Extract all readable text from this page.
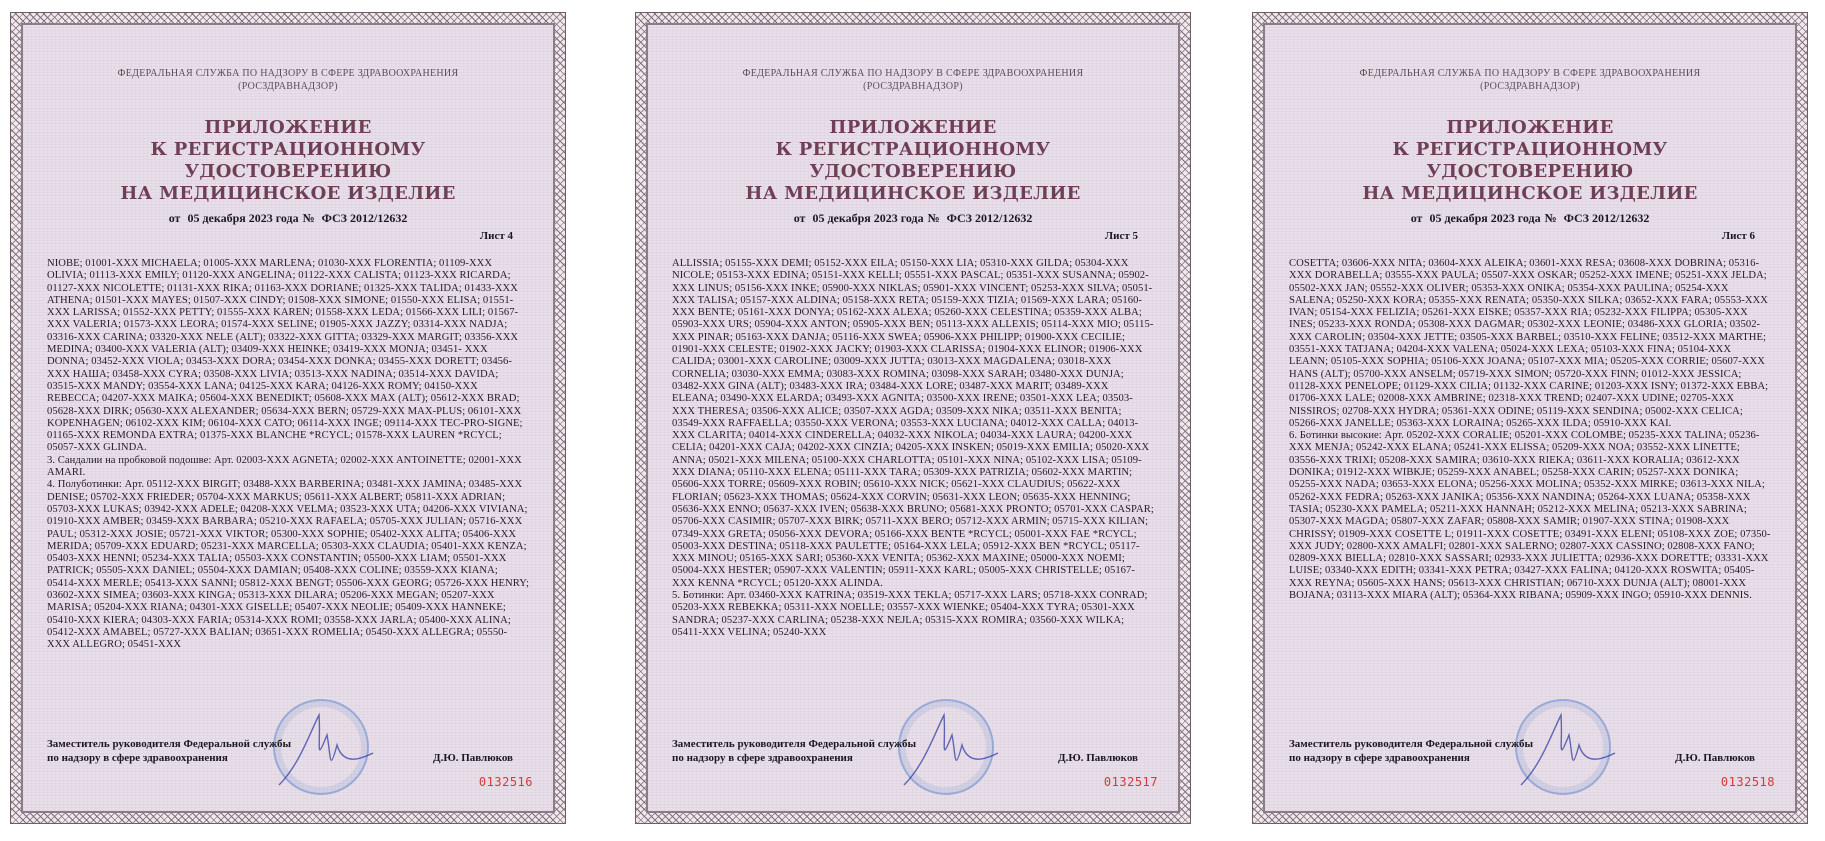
ФЕДЕРАЛЬНАЯ СЛУЖБА ПО НАДЗОРУ В СФЕРЕ ЗДРАВООХРАНЕНИЯ
(РОСЗДРАВНАДЗОР)
ПРИЛОЖЕНИЕ
К РЕГИСТРАЦИОННОМУ УДОСТОВЕРЕНИЮ
НА МЕДИЦИНСКОЕ ИЗДЕЛИЕ
от 05 декабря 2023 года № ФСЗ 2012/12632
Лист 4

NIOBE; 01001-XXX MICHAELA; 01005-XXX MARLENA; 01030-XXX FLORENTIA; 01109-XXX OLIVIA; 01113-XXX EMILY; 01120-XXX ANGELINA; 01122-XXX CALISTA; 01123-XXX RICARDA; 01127-XXX NICOLETTE; 01131-XXX RIKA; 01163-XXX DORIANE; 01325-XXX TALIDA; 01433-XXX ATHENA; 01501-XXX MAYES; 01507-XXX CINDY; 01508-XXX SIMONE; 01550-XXX ELISA; 01551-XXX LARISSA; 01552-XXX PETTY; 01555-XXX KAREN; 01558-XXX LEDA; 01566-XXX LILI; 01567-XXX VALERIA; 01573-XXX LEORA; 01574-XXX SELINE; 01905-XXX JAZZY; 03314-XXX NADJA; 03316-XXX CARINA; 03320-XXX NELE (ALT); 03322-XXX GITTA; 03329-XXX MARGIT; 03356-XXX MEDINA; 03400-XXX VALERIA (ALT); 03409-XXX HEINKE; 03419-XXX MONJA; 03451- XXX DONNA; 03452-XXX VIOLA; 03453-XXX DORA; 03454-XXX DONKA; 03455-XXX DORETT; 03456-XXX НАША; 03458-XXX CYRA; 03508-XXX LIVIA; 03513-XXX NADINA; 03514-XXX DAVIDA; 03515-XXX MANDY; 03554-XXX LANA; 04125-XXX KARA; 04126-XXX ROMY; 04150-XXX REBECCA; 04207-XXX MAIKA; 05604-XXX BENEDIKT; 05608-XXX MAX (ALT); 05612-XXX BRAD; 05628-XXX DIRK; 05630-XXX ALEXANDER; 05634-XXX BERN; 05729-XXX MAX-PLUS; 06101-XXX KOPENHAGEN; 06102-XXX KIM; 06104-XXX CATO; 06114-XXX INGE; 09114-XXX TEC-PRO-SIGNE; 01165-XXX REMONDA EXTRA; 01375-XXX BLANCHE *RCYCL; 01578-XXX LAUREN *RCYCL; 05057-XXX GLINDA.

3. Сандалии на пробковой подошве: Арт. 02003-XXX AGNETA; 02002-XXX ANTOINETTE; 02001-XXX AMARI.

4. Полуботинки: Арт. 05112-XXX BIRGIT; 03488-XXX BARBERINA; 03481-XXX JAMINA; 03485-XXX DENISE; 05702-XXX FRIEDER; 05704-XXX MARKUS; 05611-XXX ALBERT; 05811-XXX ADRIAN; 05703-XXX LUKAS; 03942-XXX ADELE; 04208-XXX VELMA; 03523-XXX UTA; 04206-XXX VIVIANA; 01910-XXX AMBER; 03459-XXX BARBARA; 05210-XXX RAFAELA; 05705-XXX JULIAN; 05716-XXX PAUL; 05312-XXX JOSIE; 05721-XXX VIKTOR; 05300-XXX SOPHIE; 05402-XXX ALITA; 05406-XXX MERIDA; 05709-XXX EDUARD; 05231-XXX MARCELLA; 05303-XXX CLAUDIA; 05401-XXX KENZA; 05403-XXX HENNI; 05234-XXX TALIA; 05503-XXX CONSTANTIN; 05500-XXX LIAM; 05501-XXX PATRICK; 05505-XXX DANIEL; 05504-XXX DAMIAN; 05408-XXX COLINE; 03559-XXX KIANA; 05414-XXX MERLE; 05413-XXX SANNI; 05812-XXX BENGT; 05506-XXX GEORG; 05726-XXX HENRY; 03602-XXX SIMEA; 03603-XXX KINGA; 05313-XXX DILARA; 05206-XXX MEGAN; 05207-XXX MARISA; 05204-XXX RIANA; 04301-XXX GISELLE; 05407-XXX NEOLIE; 05409-XXX HANNEKE; 05410-XXX KIERA; 04303-XXX FARIA; 05314-XXX ROMI; 03558-XXX JARLA; 05400-XXX ALINA; 05412-XXX AMABEL; 05727-XXX BALIAN; 03651-XXX ROMELIA; 05450-XXX ALLEGRA; 05550-XXX ALLEGRO; 05451-XXX

Заместитель руководителя Федеральной службы
по надзору в сфере здравоохранения	Д.Ю. Павлюков
0132516
ФЕДЕРАЛЬНАЯ СЛУЖБА ПО НАДЗОРУ В СФЕРЕ ЗДРАВООХРАНЕНИЯ
(РОСЗДРАВНАДЗОР)
ПРИЛОЖЕНИЕ
К РЕГИСТРАЦИОННОМУ УДОСТОВЕРЕНИЮ
НА МЕДИЦИНСКОЕ ИЗДЕЛИЕ
от 05 декабря 2023 года № ФСЗ 2012/12632
Лист 5

ALLISSIA; 05155-XXX DEMI; 05152-XXX EILA; 05150-XXX LIA; 05310-XXX GILDA; 05304-XXX NICOLE; 05153-XXX EDINA; 05151-XXX KELLI; 05551-XXX PASCAL; 05351-XXX SUSANNA; 05902-XXX LINUS; 05156-XXX INKE; 05900-XXX NIKLAS; 05901-XXX VINCENT; 05253-XXX SILVA; 05051-XXX TALISA; 05157-XXX ALDINA; 05158-XXX RETA; 05159-XXX TIZIA; 01569-XXX LARA; 05160-XXX BENTE; 05161-XXX DONYA; 05162-XXX ALEXA; 05260-XXX CELESTINA; 05359-XXX ALBA; 05903-XXX URS; 05904-XXX ANTON; 05905-XXX BEN; 05113-XXX ALLEXIS; 05114-XXX MIO; 05115-XXX PINAR; 05163-XXX DANJA; 05116-XXX SWEA; 05906-XXX PHILIPP; 01900-XXX CECILIE; 01901-XXX CELESTE; 01902-XXX JACKY; 01903-XXX CLARISSA; 01904-XXX ELINOR; 01906-XXX CALIDA; 03001-XXX CAROLINE; 03009-XXX JUTTA; 03013-XXX MAGDALENA; 03018-XXX CORNELIA; 03030-XXX EMMA; 03083-XXX ROMINA; 03098-XXX SARAH; 03480-XXX DUNJA; 03482-XXX GINA (ALT); 03483-XXX IRA; 03484-XXX LORE; 03487-XXX MARIT; 03489-XXX ELEANA; 03490-XXX ELARDA; 03493-XXX AGNITA; 03500-XXX IRENE; 03501-XXX LEA; 03503-XXX THERESA; 03506-XXX ALICE; 03507-XXX AGDA; 03509-XXX NIKA; 03511-XXX BENITA; 03549-XXX RAFFAELLA; 03550-XXX VERONA; 03553-XXX LUCIANA; 04012-XXX CALLA; 04013-XXX CLARITA; 04014-XXX CINDERELLA; 04032-XXX NIKOLA; 04034-XXX LAURA; 04200-XXX CELIA; 04201-XXX CAJA; 04202-XXX CINZIA; 04205-XXX INSKEN; 05019-XXX EMILIA; 05020-XXX ANNA; 05021-XXX MILENA; 05100-XXX CHARLOTTA; 05101-XXX NINA; 05102-XXX LISA; 05109-XXX DIANA; 05110-XXX ELENA; 05111-XXX TARA; 05309-XXX PATRIZIA; 05602-XXX MARTIN; 05606-XXX TORRE; 05609-XXX ROBIN; 05610-XXX NICK; 05621-XXX CLAUDIUS; 05622-XXX FLORIAN; 05623-XXX THOMAS; 05624-XXX CORVIN; 05631-XXX LEON; 05635-XXX HENNING; 05636-XXX ENNO; 05637-XXX IVEN; 05638-XXX BRUNO; 05681-XXX PRONTO; 05701-XXX CASPAR; 05706-XXX CASIMIR; 05707-XXX BIRK; 05711-XXX BERO; 05712-XXX ARMIN; 05715-XXX KILIAN; 07349-XXX GRETA; 05056-XXX DEVORA; 05166-XXX BENTE *RCYCL; 05001-XXX FAE *RCYCL; 05003-XXX DESTINA; 05118-XXX PAULETTE; 05164-XXX LELA; 05912-XXX BEN *RCYCL; 05117-XXX MINOU; 05165-XXX SARI; 05360-XXX VENITA; 05362-XXX MAXINE; 05000-XXX NOEMI; 05004-XXX HESTER; 05907-XXX VALENTIN; 05911-XXX KARL; 05005-XXX CHRISTELLE; 05167-XXX KENNA *RCYCL; 05120-XXX ALINDA.

5. Ботинки: Арт. 03460-XXX KATRINA; 03519-XXX TEKLA; 05717-XXX LARS; 05718-XXX CONRAD; 05203-XXX REBEKKA; 05311-XXX NOELLE; 03557-XXX WIENKE; 05404-XXX TYRA; 05301-XXX SANDRA; 05237-XXX CARLINA; 05238-XXX NEJLA; 05315-XXX ROMIRA; 03560-XXX WILKA; 05411-XXX VELINA; 05240-XXX

Заместитель руководителя Федеральной службы
по надзору в сфере здравоохранения	Д.Ю. Павлюков
0132517
ФЕДЕРАЛЬНАЯ СЛУЖБА ПО НАДЗОРУ В СФЕРЕ ЗДРАВООХРАНЕНИЯ
(РОСЗДРАВНАДЗОР)
ПРИЛОЖЕНИЕ
К РЕГИСТРАЦИОННОМУ УДОСТОВЕРЕНИЮ
НА МЕДИЦИНСКОЕ ИЗДЕЛИЕ
от 05 декабря 2023 года № ФСЗ 2012/12632
Лист 6

COSETTA; 03606-XXX NITA; 03604-XXX ALEIKA; 03601-XXX RESA; 03608-XXX DOBRINA; 05316-XXX DORABELLA; 03555-XXX PAULA; 05507-XXX OSKAR; 05252-XXX IMENE; 05251-XXX JELDA; 05502-XXX JAN; 05552-XXX OLIVER; 05353-XXX ONIKA; 05354-XXX PAULINA; 05254-XXX SALENA; 05250-XXX KORA; 05355-XXX RENATA; 05350-XXX SILKA; 03652-XXX FARA; 05553-XXX IVAN; 05154-XXX FELIZIA; 05261-XXX EISKE; 05357-XXX RIA; 05232-XXX FILIPPA; 05305-XXX INES; 05233-XXX RONDA; 05308-XXX DAGMAR; 05302-XXX LEONIE; 03486-XXX GLORIA; 03502-XXX CAROLIN; 03504-XXX JETTE; 03505-XXX BARBEL; 03510-XXX FELINE; 03512-XXX MARTHE; 03551-XXX TATJANA; 04204-XXX VALENA; 05024-XXX LEXA; 05103-XXX FINA; 05104-XXX LEANN; 05105-XXX SOPHIA; 05106-XXX JOANA; 05107-XXX MIA; 05205-XXX CORRIE; 05607-XXX HANS (ALT); 05700-XXX ANSELM; 05719-XXX SIMON; 05720-XXX FINN; 01012-XXX JESSICA; 01128-XXX PENELOPE; 01129-XXX CILIA; 01132-XXX CARINE; 01203-XXX ISNY; 01372-XXX EBBA; 01706-XXX LALE; 02008-XXX AMBRINE; 02318-XXX TREND; 02407-XXX UDINE; 02705-XXX NISSIROS; 02708-XXX HYDRA; 05361-XXX ODINE; 05119-XXX SENDINA; 05002-XXX CELICA; 05266-XXX JANELLE; 05363-XXX LORAINA; 05265-XXX ILDA; 05910-XXX KAI.

6. Ботинки высокие: Арт. 05202-XXX CORALIE; 05201-XXX COLOMBE; 05235-XXX TALINA; 05236-XXX MENJA; 05242-XXX ELANA; 05241-XXX ELISSA; 05209-XXX NOA; 03552-XXX LINETTE; 03556-XXX TRIXI; 05208-XXX SAMIRA; 03610-XXX RIEKA; 03611-XXX KORALIA; 03612-XXX DONIKA; 01912-XXX WIBKJE; 05259-XXX ANABEL; 05258-XXX CARIN; 05257-XXX DONIKA; 05255-XXX NADA; 03653-XXX ELONA; 05256-XXX MOLINA; 05352-XXX MIRKE; 03613-XXX NILA; 05262-XXX FEDRA; 05263-XXX JANIKA; 05356-XXX NANDINA; 05264-XXX LUANA; 05358-XXX TASIA; 05230-XXX PAMELA; 05211-XXX HANNAH; 05212-XXX MELINA; 05213-XXX SABRINA; 05307-XXX MAGDA; 05807-XXX ZAFAR; 05808-XXX SAMIR; 01907-XXX STINA; 01908-XXX CHRISSY; 01909-XXX COSETTE L; 01911-XXX COSETTE; 03491-XXX ELENI; 05108-XXX ZOE; 07350-XXX JUDY; 02800-XXX AMALFI; 02801-XXX SALERNO; 02807-XXX CASSINO; 02808-XXX FANO; 02809-XXX BIELLA; 02810-XXX SASSARI; 02933-XXX JULIETTA; 02936-XXX DORETTE; 03331-XXX LUISE; 03340-XXX EDITH; 03341-XXX PETRA; 03427-XXX FALINA; 04120-XXX ROSWITA; 05405-XXX REYNA; 05605-XXX HANS; 05613-XXX CHRISTIAN; 06710-XXX DUNJA (ALT); 08001-XXX BOJANA; 03113-XXX MIARA (ALT); 05364-XXX RIBANA; 05909-XXX INGO; 05910-XXX DENNIS.

Заместитель руководителя Федеральной службы
по надзору в сфере здравоохранения	Д.Ю. Павлюков
0132518
